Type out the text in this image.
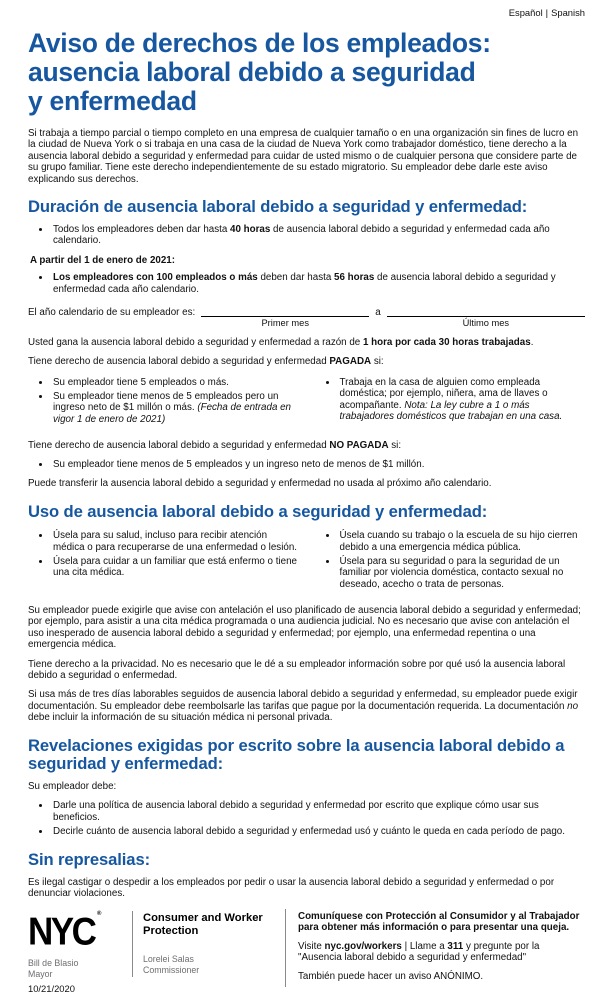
Español | Spanish
Aviso de derechos de los empleados:
ausencia laboral debido a seguridad
y enfermedad

Si trabaja a tiempo parcial o tiempo completo en una empresa de cualquier tamaño o en una organización sin fines de lucro en la ciudad de Nueva York o si trabaja en una casa de la ciudad de Nueva York como trabajador doméstico, tiene derecho a la ausencia laboral debido a seguridad y enfermedad para cuidar de usted mismo o de cualquier persona que considere parte de su grupo familiar. Tiene este derecho independientemente de su estado migratorio. Su empleador debe darle este aviso explicando sus derechos.

Duración de ausencia laboral debido a seguridad y enfermedad:
• Todos los empleadores deben dar hasta 40 horas de ausencia laboral debido a seguridad y enfermedad cada año calendario.
A partir del 1 de enero de 2021:
• Los empleadores con 100 empleados o más deben dar hasta 56 horas de ausencia laboral debido a seguridad y enfermedad cada año calendario.
El año calendario de su empleador es:
Primer mes
a
Último mes

Usted gana la ausencia laboral debido a seguridad y enfermedad a razón de 1 hora por cada 30 horas trabajadas.

Tiene derecho de ausencia laboral debido a seguridad y enfermedad PAGADA si:

• Su empleador tiene 5 empleados o más.
• Su empleador tiene menos de 5 empleados pero un ingreso neto de $1 millón o más. (Fecha de entrada en vigor 1 de enero de 2021)
• Trabaja en la casa de alguien como empleada doméstica; por ejemplo, niñera, ama de llaves o acompañante. Nota: La ley cubre a 1 o más trabajadores domésticos que trabajan en una casa.

Tiene derecho de ausencia laboral debido a seguridad y enfermedad NO PAGADA si:

• Su empleador tiene menos de 5 empleados y un ingreso neto de menos de $1 millón.

Puede transferir la ausencia laboral debido a seguridad y enfermedad no usada al próximo año calendario.

Uso de ausencia laboral debido a seguridad y enfermedad:
• Úsela para su salud, incluso para recibir atención médica o para recuperarse de una enfermedad o lesión.
• Úsela para cuidar a un familiar que está enfermo o tiene una cita médica.
• Úsela cuando su trabajo o la escuela de su hijo cierren debido a una emergencia médica pública.
• Úsela para su seguridad o para la seguridad de un familiar por violencia doméstica, contacto sexual no deseado, acecho o trata de personas.

Su empleador puede exigirle que avise con antelación el uso planificado de ausencia laboral debido a seguridad y enfermedad; por ejemplo, para asistir a una cita médica programada o una audiencia judicial. No es necesario que avise con antelación el uso inesperado de ausencia laboral debido a seguridad y enfermedad; por ejemplo, una enfermedad repentina o una emergencia médica.

Tiene derecho a la privacidad. No es necesario que le dé a su empleador información sobre por qué usó la ausencia laboral debido a seguridad o enfermedad.

Si usa más de tres días laborables seguidos de ausencia laboral debido a seguridad y enfermedad, su empleador puede exigir documentación. Su empleador debe reembolsarle las tarifas que pague por la documentación requerida. La documentación no debe incluir la información de su situación médica ni personal privada.

Revelaciones exigidas por escrito sobre la ausencia laboral debido a seguridad y enfermedad:

Su empleador debe:

• Darle una política de ausencia laboral debido a seguridad y enfermedad por escrito que explique cómo usar sus beneficios.
• Decirle cuánto de ausencia laboral debido a seguridad y enfermedad usó y cuánto le queda en cada período de pago.
Sin represalias:

Es ilegal castigar o despedir a los empleados por pedir o usar la ausencia laboral debido a seguridad y enfermedad o por denunciar violaciones.

NYC ®
Bill de Blasio
Mayor
Consumer and Worker Protection
Lorelei Salas
Commissioner

Comuníquese con Protección al Consumidor y al Trabajador para obtener más información o para presentar una queja.

Visite nyc.gov/workers | Llame a 311 y pregunte por la "Ausencia laboral debido a seguridad y enfermedad"

También puede hacer un aviso ANÓNIMO.

10/21/2020
